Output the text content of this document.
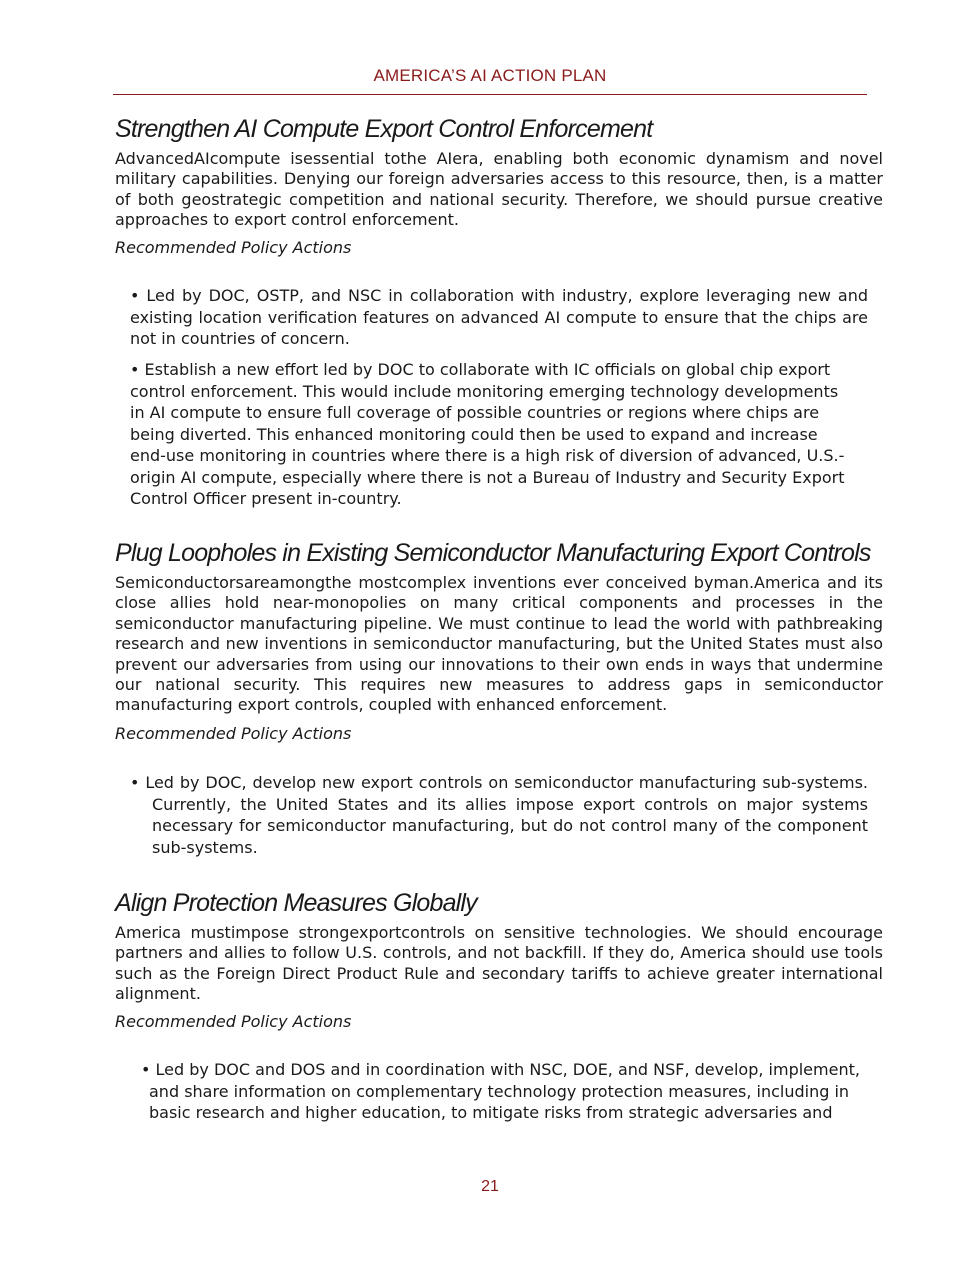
AMERICA’S AI ACTION PLAN
Strengthen AI Compute Export Control Enforcement
AdvancedAIcompute isessential tothe AIera, enabling both economic dynamism and novel military capabilities. Denying our foreign adversaries access to this resource, then, is a matter of both geostrategic competition and national security. Therefore, we should pursue creative approaches to export control enforcement.
Recommended Policy Actions
• Led by DOC, OSTP, and NSC in collaboration with industry, explore leveraging new and existing location verification features on advanced AI compute to ensure that the chips are not in countries of concern.
• Establish a new effort led by DOC to collaborate with IC officials on global chip export control enforcement. This would include monitoring emerging technology developments in AI compute to ensure full coverage of possible countries or regions where chips are being diverted. This enhanced monitoring could then be used to expand and increase end-use monitoring in countries where there is a high risk of diversion of advanced, U.S.-origin AI compute, especially where there is not a Bureau of Industry and Security Export Control Officer present in-country.
Plug Loopholes in Existing Semiconductor Manufacturing Export Controls
Semiconductorsareamongthe mostcomplex inventions ever conceived byman.America and its close allies hold near-monopolies on many critical components and processes in the semiconductor manufacturing pipeline. We must continue to lead the world with pathbreaking research and new inventions in semiconductor manufacturing, but the United States must also prevent our adversaries from using our innovations to their own ends in ways that undermine our national security. This requires new measures to address gaps in semiconductor manufacturing export controls, coupled with enhanced enforcement.
Recommended Policy Actions
• Led by DOC, develop new export controls on semiconductor manufacturing sub-systems. Currently, the United States and its allies impose export controls on major systems necessary for semiconductor manufacturing, but do not control many of the component sub-systems.
Align Protection Measures Globally
America mustimpose strongexportcontrols on sensitive technologies. We should encourage partners and allies to follow U.S. controls, and not backfill. If they do, America should use tools such as the Foreign Direct Product Rule and secondary tariffs to achieve greater international alignment.
Recommended Policy Actions
• Led by DOC and DOS and in coordination with NSC, DOE, and NSF, develop, implement, and share information on complementary technology protection measures, including in basic research and higher education, to mitigate risks from strategic adversaries and
21
